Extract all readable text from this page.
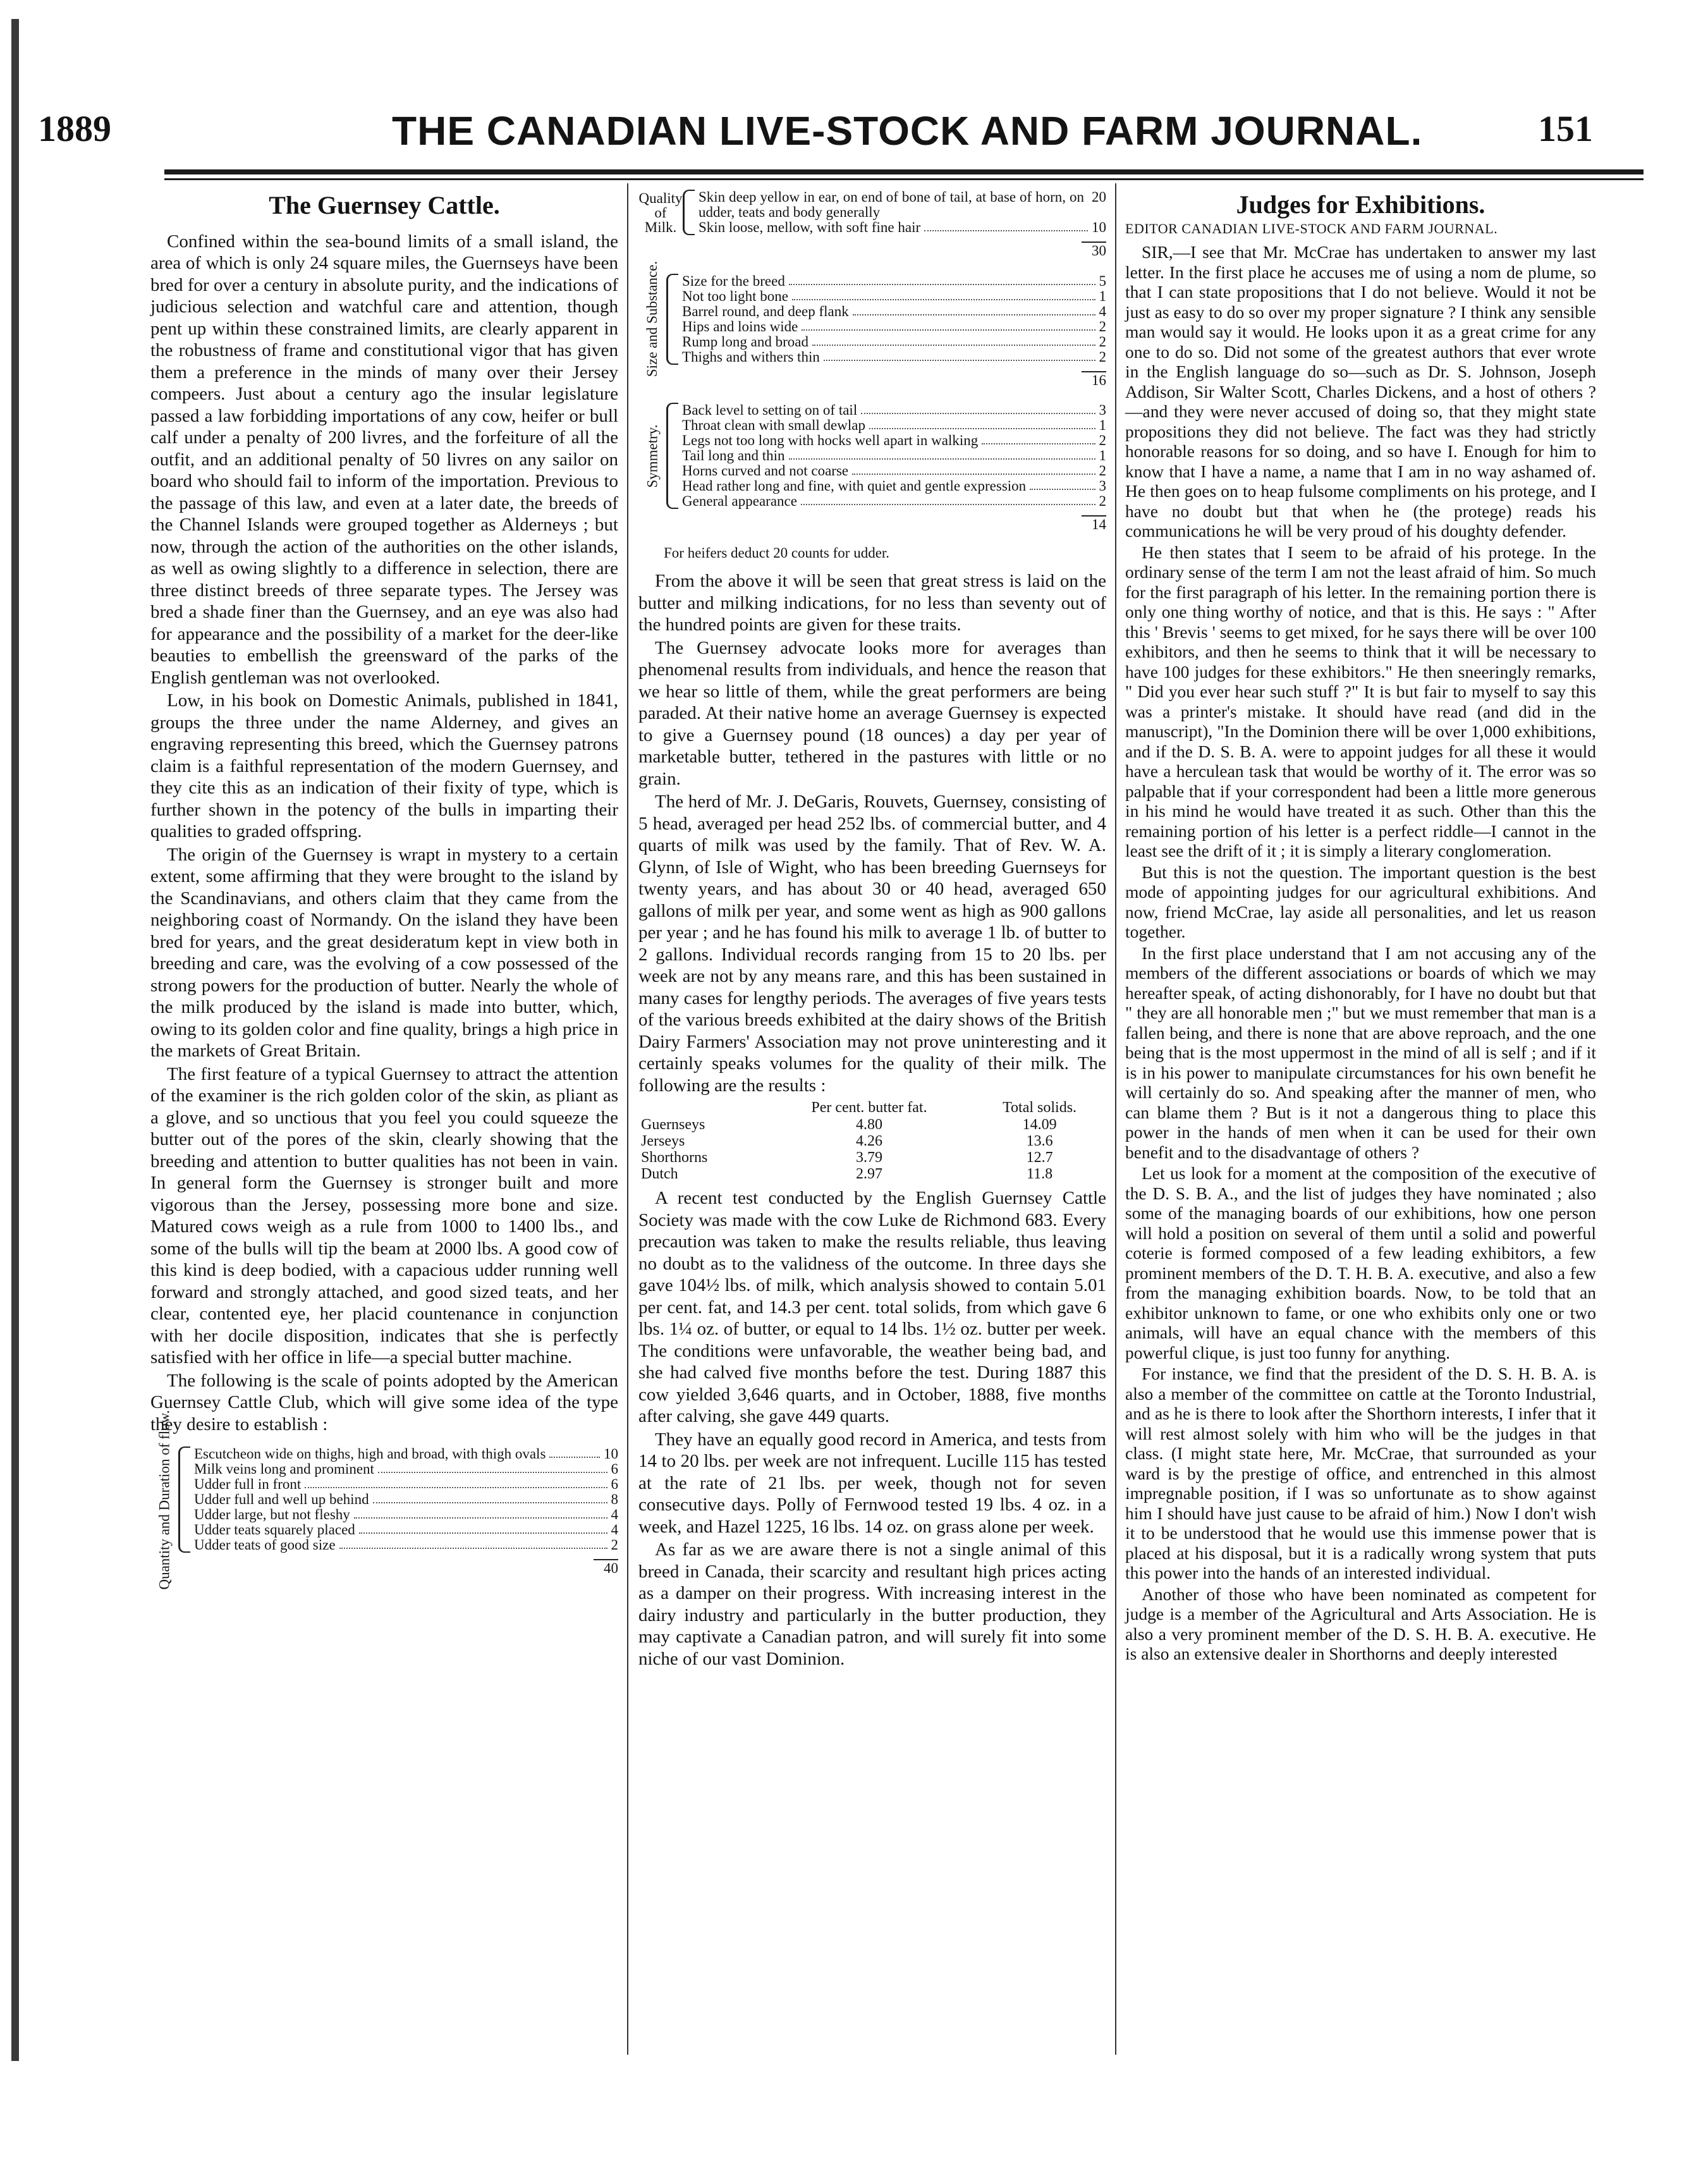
1889	THE CANADIAN LIVE-STOCK AND FARM JOURNAL.	151
The Guernsey Cattle.

Confined within the sea-bound limits of a small island, the area of which is only 24 square miles, the Guernseys have been bred for over a century in absolute purity, and the indications of judicious selection and watchful care and attention, though pent up within these constrained limits, are clearly apparent in the robustness of frame and constitutional vigor that has given them a preference in the minds of many over their Jersey compeers. Just about a century ago the insular legislature passed a law forbidding importations of any cow, heifer or bull calf under a penalty of 200 livres, and the forfeiture of all the outfit, and an additional penalty of 50 livres on any sailor on board who should fail to inform of the importation. Previous to the passage of this law, and even at a later date, the breeds of the Channel Islands were grouped together as Alderneys ; but now, through the action of the authorities on the other islands, as well as owing slightly to a difference in selection, there are three distinct breeds of three separate types. The Jersey was bred a shade finer than the Guernsey, and an eye was also had for appearance and the possibility of a market for the deer-like beauties to embellish the greensward of the parks of the English gentleman was not overlooked.

Low, in his book on Domestic Animals, published in 1841, groups the three under the name Alderney, and gives an engraving representing this breed, which the Guernsey patrons claim is a faithful representation of the modern Guernsey, and they cite this as an indication of their fixity of type, which is further shown in the potency of the bulls in imparting their qualities to graded offspring.

The origin of the Guernsey is wrapt in mystery to a certain extent, some affirming that they were brought to the island by the Scandinavians, and others claim that they came from the neighboring coast of Normandy. On the island they have been bred for years, and the great desideratum kept in view both in breeding and care, was the evolving of a cow possessed of the strong powers for the production of butter. Nearly the whole of the milk produced by the island is made into butter, which, owing to its golden color and fine quality, brings a high price in the markets of Great Britain.

The first feature of a typical Guernsey to attract the attention of the examiner is the rich golden color of the skin, as pliant as a glove, and so unctious that you feel you could squeeze the butter out of the pores of the skin, clearly showing that the breeding and attention to butter qualities has not been in vain. In general form the Guernsey is stronger built and more vigorous than the Jersey, possessing more bone and size. Matured cows weigh as a rule from 1000 to 1400 lbs., and some of the bulls will tip the beam at 2000 lbs. A good cow of this kind is deep bodied, with a capacious udder running well forward and strongly attached, and good sized teats, and her clear, contented eye, her placid countenance in conjunction with her docile disposition, indicates that she is perfectly satisfied with her office in life—a special butter machine.

The following is the scale of points adopted by the American Guernsey Cattle Club, which will give some idea of the type they desire to establish :

Quantity and Duration of flow. Escutcheon wide on thighs, high and broad, with thigh ovals	10
Milk veins long and prominent	6
Udder full in front	6
Udder full and well up behind	8
Udder large, but not fleshy	4
Udder teats squarely placed	4
Udder teats of good size	2
40
Quality of Milk.
Skin deep yellow in ear, on end of bone of tail, at base of horn, on udder, teats and body generally
20
Skin loose, mellow, with soft fine hair	10
30
Size and Substance. Size for the breed	5
Not too light bone	1
Barrel round, and deep flank	4
Hips and loins wide	2
Rump long and broad	2
Thighs and withers thin	2
16
Symmetry.
Back level to setting on of tail	3
Throat clean with small dewlap	1
Legs not too long with hocks well apart in walking	2
Tail long and thin	1
Horns curved and not coarse	2
Head rather long and fine, with quiet and gentle expression	3
General appearance	2
14
For heifers deduct 20 counts for udder.

From the above it will be seen that great stress is laid on the butter and milking indications, for no less than seventy out of the hundred points are given for these traits.

The Guernsey advocate looks more for averages than phenomenal results from individuals, and hence the reason that we hear so little of them, while the great performers are being paraded. At their native home an average Guernsey is expected to give a Guernsey pound (18 ounces) a day per year of marketable butter, tethered in the pastures with little or no grain.

The herd of Mr. J. DeGaris, Rouvets, Guernsey, consisting of 5 head, averaged per head 252 lbs. of commercial butter, and 4 quarts of milk was used by the family. That of Rev. W. A. Glynn, of Isle of Wight, who has been breeding Guernseys for twenty years, and has about 30 or 40 head, averaged 650 gallons of milk per year, and some went as high as 900 gallons per year ; and he has found his milk to average 1 lb. of butter to 2 gallons. Individual records ranging from 15 to 20 lbs. per week are not by any means rare, and this has been sustained in many cases for lengthy periods. The averages of five years tests of the various breeds exhibited at the dairy shows of the British Dairy Farmers' Association may not prove uninteresting and it certainly speaks volumes for the quality of their milk. The following are the results :

	Per cent. butter fat.	Total solids.
Guernseys	4.80	14.09
Jerseys	4.26	13.6
Shorthorns	3.79	12.7
Dutch	2.97	11.8

A recent test conducted by the English Guernsey Cattle Society was made with the cow Luke de Richmond 683. Every precaution was taken to make the results reliable, thus leaving no doubt as to the validness of the outcome. In three days she gave 104½ lbs. of milk, which analysis showed to contain 5.01 per cent. fat, and 14.3 per cent. total solids, from which gave 6 lbs. 1¼ oz. of butter, or equal to 14 lbs. 1½ oz. butter per week. The conditions were unfavorable, the weather being bad, and she had calved five months before the test. During 1887 this cow yielded 3,646 quarts, and in October, 1888, five months after calving, she gave 449 quarts.

They have an equally good record in America, and tests from 14 to 20 lbs. per week are not infrequent. Lucille 115 has tested at the rate of 21 lbs. per week, though not for seven consecutive days. Polly of Fernwood tested 19 lbs. 4 oz. in a week, and Hazel 1225, 16 lbs. 14 oz. on grass alone per week.

As far as we are aware there is not a single animal of this breed in Canada, their scarcity and resultant high prices acting as a damper on their progress. With increasing interest in the dairy industry and particularly in the butter production, they may captivate a Canadian patron, and will surely fit into some niche of our vast Dominion.

Judges for Exhibitions.
EDITOR CANADIAN LIVE-STOCK AND FARM JOURNAL.

SIR,—I see that Mr. McCrae has undertaken to answer my last letter. In the first place he accuses me of using a nom de plume, so that I can state propositions that I do not believe. Would it not be just as easy to do so over my proper signature ? I think any sensible man would say it would. He looks upon it as a great crime for any one to do so. Did not some of the greatest authors that ever wrote in the English language do so—such as Dr. S. Johnson, Joseph Addison, Sir Walter Scott, Charles Dickens, and a host of others ?—and they were never accused of doing so, that they might state propositions they did not believe. The fact was they had strictly honorable reasons for so doing, and so have I. Enough for him to know that I have a name, a name that I am in no way ashamed of. He then goes on to heap fulsome compliments on his protege, and I have no doubt but that when he (the protege) reads his communications he will be very proud of his doughty defender.

He then states that I seem to be afraid of his protege. In the ordinary sense of the term I am not the least afraid of him. So much for the first paragraph of his letter. In the remaining portion there is only one thing worthy of notice, and that is this. He says : " After this ' Brevis ' seems to get mixed, for he says there will be over 100 exhibitors, and then he seems to think that it will be necessary to have 100 judges for these exhibitors." He then sneeringly remarks, " Did you ever hear such stuff ?" It is but fair to myself to say this was a printer's mistake. It should have read (and did in the manuscript), "In the Dominion there will be over 1,000 exhibitions, and if the D. S. B. A. were to appoint judges for all these it would have a herculean task that would be worthy of it. The error was so palpable that if your correspondent had been a little more generous in his mind he would have treated it as such. Other than this the remaining portion of his letter is a perfect riddle—I cannot in the least see the drift of it ; it is simply a literary conglomeration.

But this is not the question. The important question is the best mode of appointing judges for our agricultural exhibitions. And now, friend McCrae, lay aside all personalities, and let us reason together.

In the first place understand that I am not accusing any of the members of the different associations or boards of which we may hereafter speak, of acting dishonorably, for I have no doubt but that " they are all honorable men ;" but we must remember that man is a fallen being, and there is none that are above reproach, and the one being that is the most uppermost in the mind of all is self ; and if it is in his power to manipulate circumstances for his own benefit he will certainly do so. And speaking after the manner of men, who can blame them ? But is it not a dangerous thing to place this power in the hands of men when it can be used for their own benefit and to the disadvantage of others ?

Let us look for a moment at the composition of the executive of the D. S. B. A., and the list of judges they have nominated ; also some of the managing boards of our exhibitions, how one person will hold a position on several of them until a solid and powerful coterie is formed composed of a few leading exhibitors, a few prominent members of the D. T. H. B. A. executive, and also a few from the managing exhibition boards. Now, to be told that an exhibitor unknown to fame, or one who exhibits only one or two animals, will have an equal chance with the members of this powerful clique, is just too funny for anything.

For instance, we find that the president of the D. S. H. B. A. is also a member of the committee on cattle at the Toronto Industrial, and as he is there to look after the Shorthorn interests, I infer that it will rest almost solely with him who will be the judges in that class. (I might state here, Mr. McCrae, that surrounded as your ward is by the prestige of office, and entrenched in this almost impregnable position, if I was so unfortunate as to show against him I should have just cause to be afraid of him.) Now I don't wish it to be understood that he would use this immense power that is placed at his disposal, but it is a radically wrong system that puts this power into the hands of an interested individual.

Another of those who have been nominated as competent for judge is a member of the Agricultural and Arts Association. He is also a very prominent member of the D. S. H. B. A. executive. He is also an extensive dealer in Shorthorns and deeply interested
